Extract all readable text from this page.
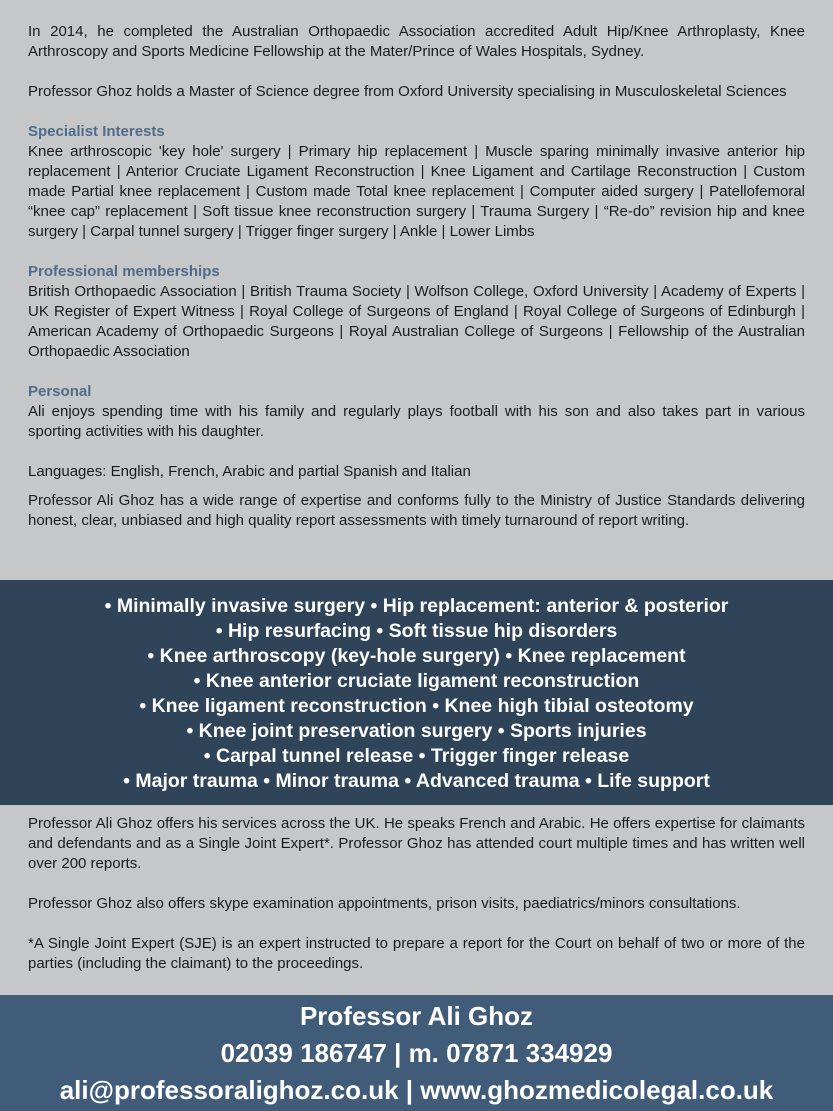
In 2014, he completed the Australian Orthopaedic Association accredited Adult Hip/Knee Arthroplasty, Knee Arthroscopy and Sports Medicine Fellowship at the Mater/Prince of Wales Hospitals, Sydney.

Professor Ghoz holds a Master of Science degree from Oxford University specialising in Musculoskeletal Sciences

Specialist Interests

Knee arthroscopic 'key hole' surgery | Primary hip replacement | Muscle sparing minimally invasive anterior hip replacement | Anterior Cruciate Ligament Reconstruction | Knee Ligament and Cartilage Reconstruction | Custom made Partial knee replacement | Custom made Total knee replacement | Computer aided surgery | Patellofemoral “knee cap” replacement | Soft tissue knee reconstruction surgery | Trauma Surgery | “Re-do” revision hip and knee surgery | Carpal tunnel surgery | Trigger finger surgery | Ankle | Lower Limbs

Professional memberships

British Orthopaedic Association | British Trauma Society | Wolfson College, Oxford University | Academy of Experts | UK Register of Expert Witness | Royal College of Surgeons of England | Royal College of Surgeons of Edinburgh | American Academy of Orthopaedic Surgeons | Royal Australian College of Surgeons | Fellowship of the Australian Orthopaedic Association

Personal

Ali enjoys spending time with his family and regularly plays football with his son and also takes part in various sporting activities with his daughter.

Languages: English, French, Arabic and partial Spanish and Italian

Professor Ali Ghoz has a wide range of expertise and conforms fully to the Ministry of Justice Standards delivering honest, clear, unbiased and high quality report assessments with timely turnaround of report writing.

• Minimally invasive surgery • Hip replacement: anterior & posterior
• Hip resurfacing • Soft tissue hip disorders
• Knee arthroscopy (key-hole surgery) • Knee replacement
• Knee anterior cruciate ligament reconstruction
• Knee ligament reconstruction • Knee high tibial osteotomy
• Knee joint preservation surgery • Sports injuries
• Carpal tunnel release • Trigger finger release
• Major trauma • Minor trauma • Advanced trauma • Life support

Professor Ali Ghoz offers his services across the UK. He speaks French and Arabic. He offers expertise for claimants and defendants and as a Single Joint Expert*. Professor Ghoz has attended court multiple times and has written well over 200 reports.

Professor Ghoz also offers skype examination appointments, prison visits, paediatrics/minors consultations.

*A Single Joint Expert (SJE) is an expert instructed to prepare a report for the Court on behalf of two or more of the parties (including the claimant) to the proceedings.

Professor Ali Ghoz
02039 186747 | m. 07871 334929
ali@professoralighoz.co.uk | www.ghozmedicolegal.co.uk
